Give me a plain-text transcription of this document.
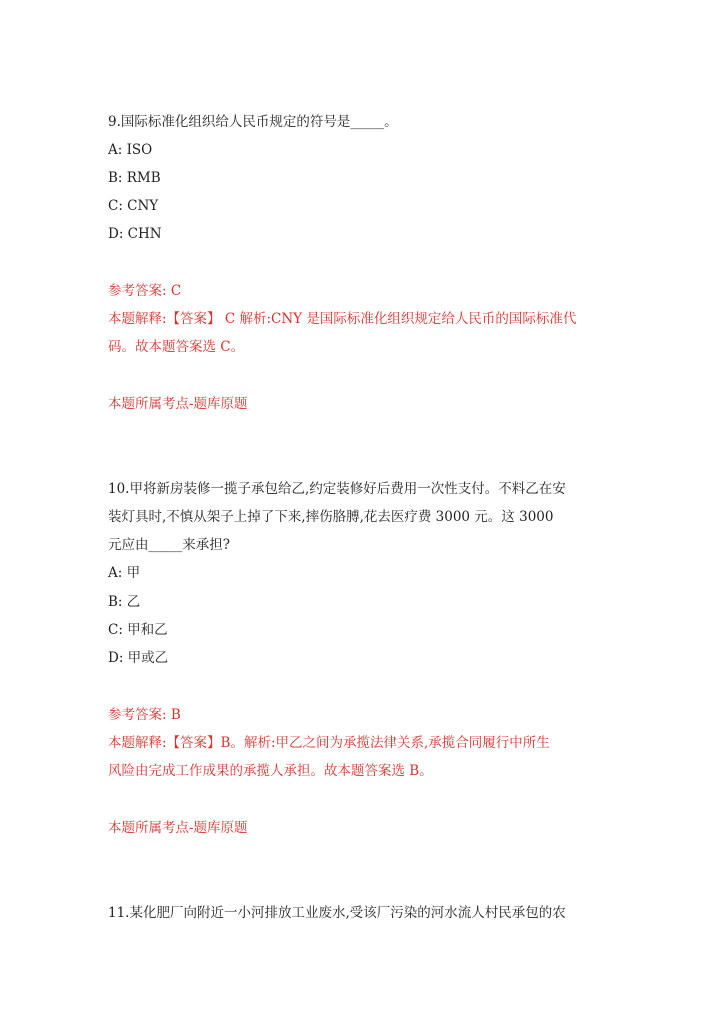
9.国际标准化组织给人民币规定的符号是_____。
A: ISO
B: RMB
C: CNY
D: CHN
参考答案: C
本题解释:【答案】 C 解析:CNY 是国际标准化组织规定给人民币的国际标准代
码。故本题答案选 C。
本题所属考点-题库原题
10.甲将新房装修一揽子承包给乙,约定装修好后费用一次性支付。不料乙在安
装灯具时,不慎从架子上掉了下来,摔伤胳膊,花去医疗费 3000 元。这 3000
元应由_____来承担?
A: 甲
B: 乙
C: 甲和乙
D: 甲或乙
参考答案: B
本题解释:【答案】B。解析:甲乙之间为承揽法律关系,承揽合同履行中所生
风险由完成工作成果的承揽人承担。故本题答案选 B。
本题所属考点-题库原题
11.某化肥厂向附近一小河排放工业废水,受该厂污染的河水流人村民承包的农
